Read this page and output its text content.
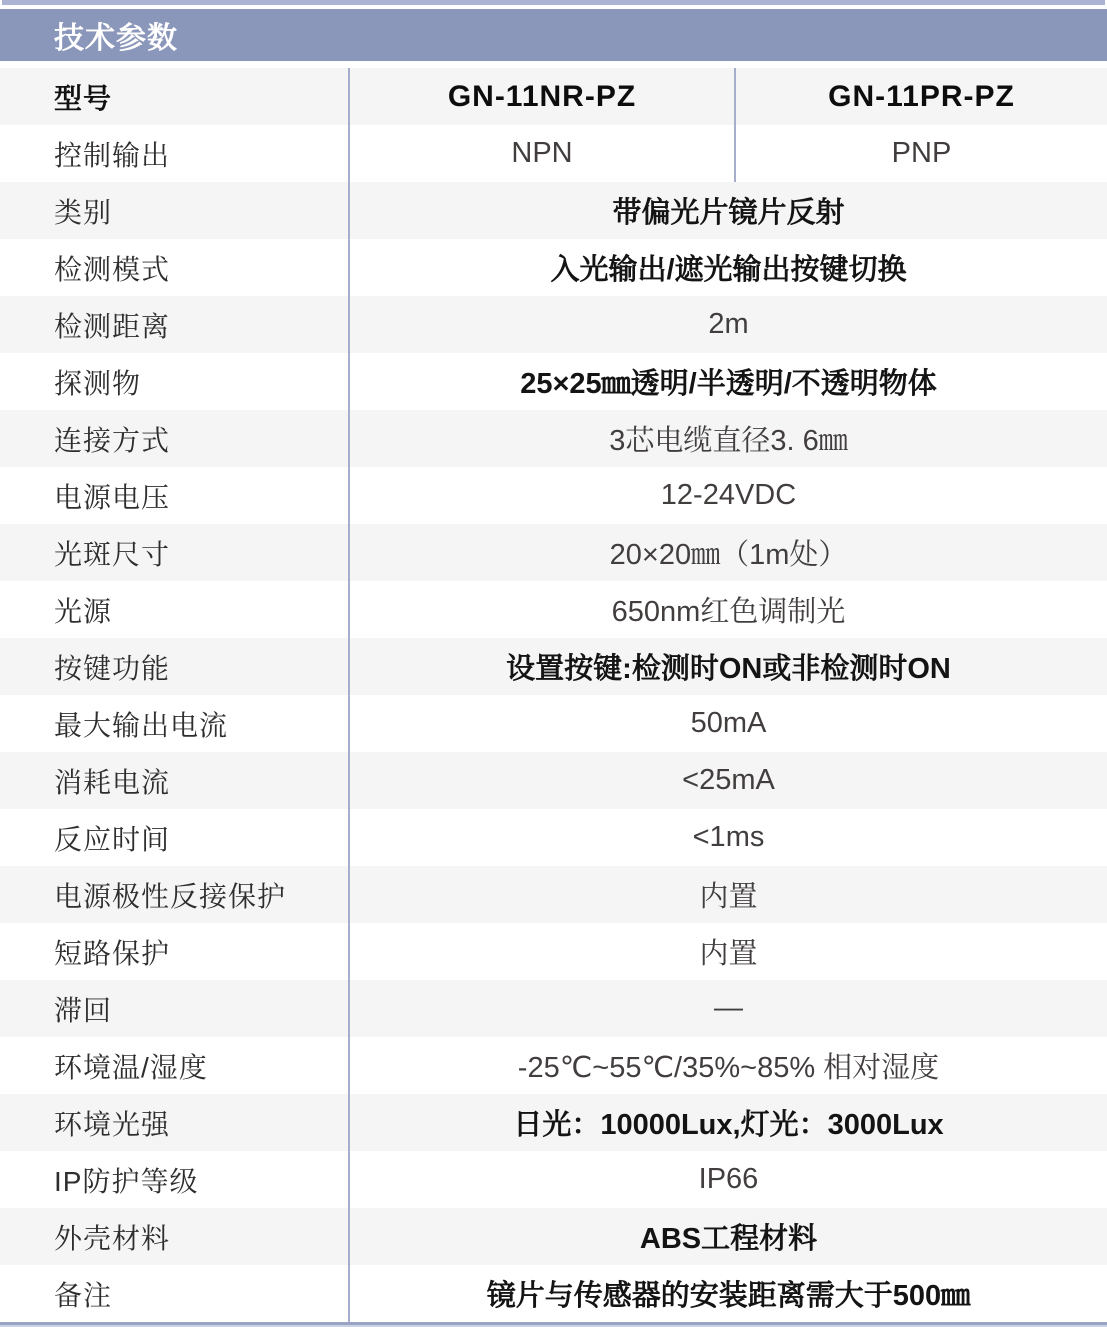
技术参数
型号	GN-11NR-PZ	GN-11PR-PZ
控制输出	NPN	PNP
类别	带偏光片镜片反射
检测模式	入光输出/遮光输出按键切换
检测距离	2m
探测物	25×25㎜透明/半透明/不透明物体
连接方式	3芯电缆直径3. 6㎜
电源电压	12-24VDC
光斑尺寸	20×20㎜（1m处）
光源	650nm红色调制光
按键功能	设置按键:检测时ON或非检测时ON
最大输出电流	50mA
消耗电流	<25mA
反应时间	<1ms
电源极性反接保护	内置
短路保护	内置
滞回	—
环境温/湿度	-25℃~55℃/35%~85% 相对湿度
环境光强	日光：10000Lux,灯光：3000Lux
IP防护等级	IP66
外壳材料	ABS工程材料
备注	镜片与传感器的安装距离需大于500㎜
